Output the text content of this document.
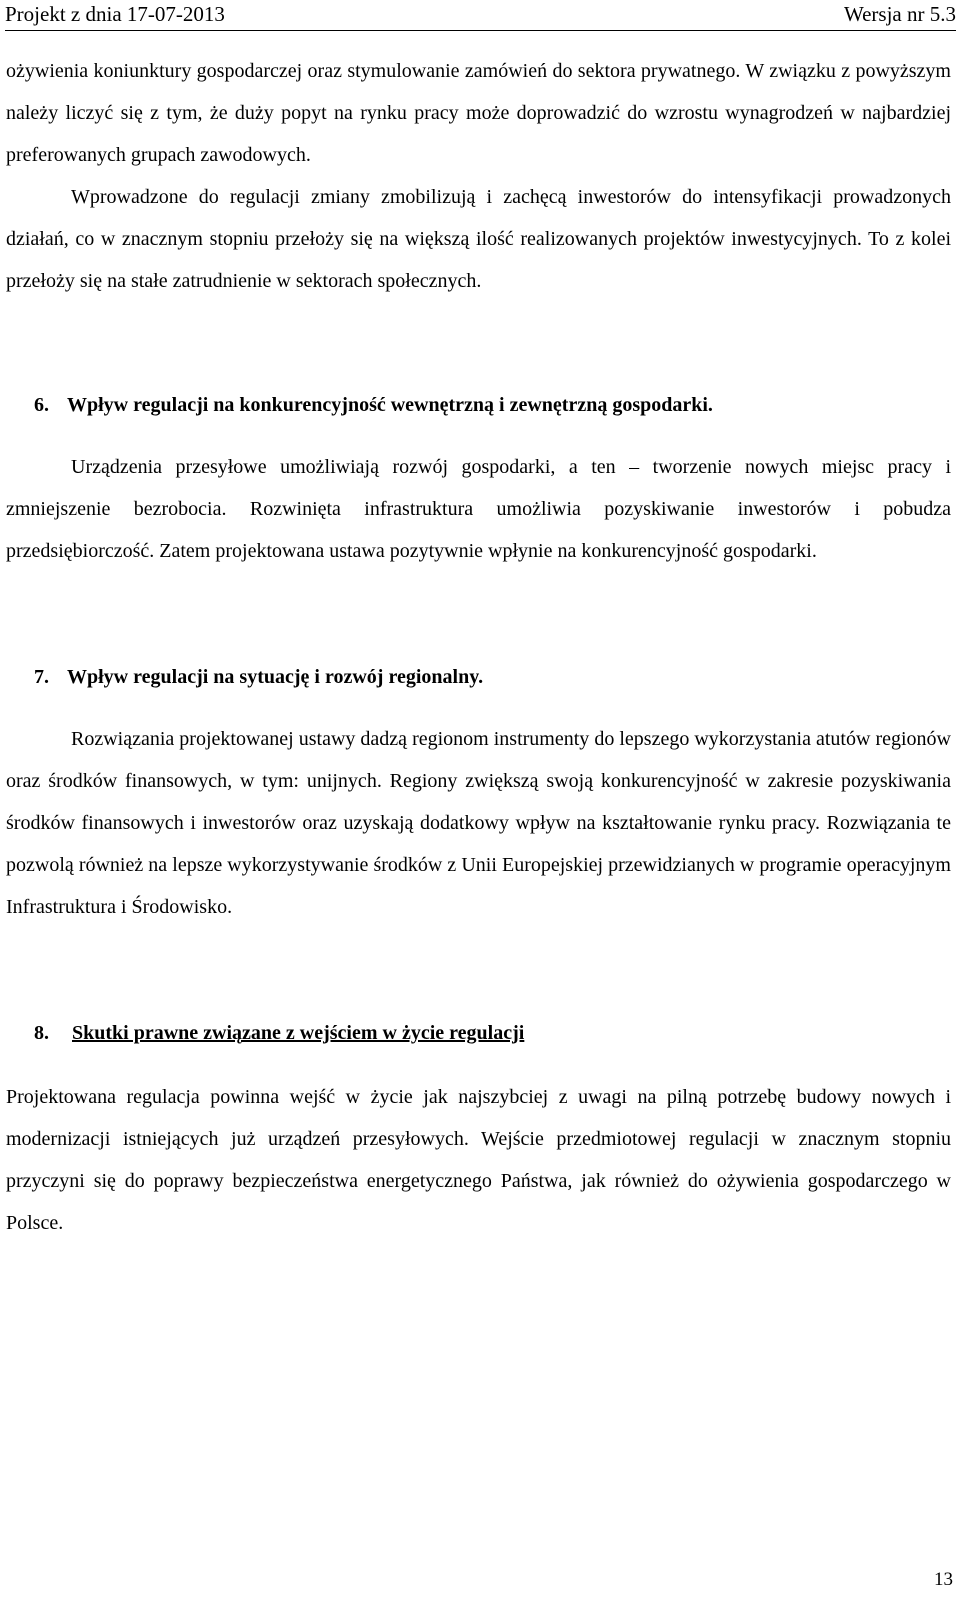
Projekt z dnia 17-07-2013	Wersja nr 5.3

ożywienia koniunktury gospodarczej oraz stymulowanie zamówień do sektora prywatnego. W związku z powyższym należy liczyć się z tym, że duży popyt na rynku pracy może doprowadzić do wzrostu wynagrodzeń w najbardziej preferowanych grupach zawodowych.

Wprowadzone do regulacji zmiany zmobilizują i zachęcą inwestorów do intensyfikacji prowadzonych działań, co w znacznym stopniu przełoży się na większą ilość realizowanych projektów inwestycyjnych. To z kolei przełoży się na stałe zatrudnienie w sektorach społecznych.

6. Wpływ regulacji na konkurencyjność wewnętrzną i zewnętrzną gospodarki.

Urządzenia przesyłowe umożliwiają rozwój gospodarki, a ten – tworzenie nowych miejsc pracy i zmniejszenie bezrobocia. Rozwinięta infrastruktura umożliwia pozyskiwanie inwestorów i pobudza przedsiębiorczość. Zatem projektowana ustawa pozytywnie wpłynie na konkurencyjność gospodarki.

7. Wpływ regulacji na sytuację i rozwój regionalny.

Rozwiązania projektowanej ustawy dadzą regionom instrumenty do lepszego wykorzystania atutów regionów oraz środków finansowych, w tym: unijnych. Regiony zwiększą swoją konkurencyjność w zakresie pozyskiwania środków finansowych i inwestorów oraz uzyskają dodatkowy wpływ na kształtowanie rynku pracy. Rozwiązania te pozwolą również na lepsze wykorzystywanie środków z Unii Europejskiej przewidzianych w programie operacyjnym Infrastruktura i Środowisko.

8. Skutki prawne związane z wejściem w życie regulacji

Projektowana regulacja powinna wejść w życie jak najszybciej z uwagi na pilną potrzebę budowy nowych i modernizacji istniejących już urządzeń przesyłowych. Wejście przedmiotowej regulacji w znacznym stopniu przyczyni się do poprawy bezpieczeństwa energetycznego Państwa, jak również do ożywienia gospodarczego w Polsce.

13
